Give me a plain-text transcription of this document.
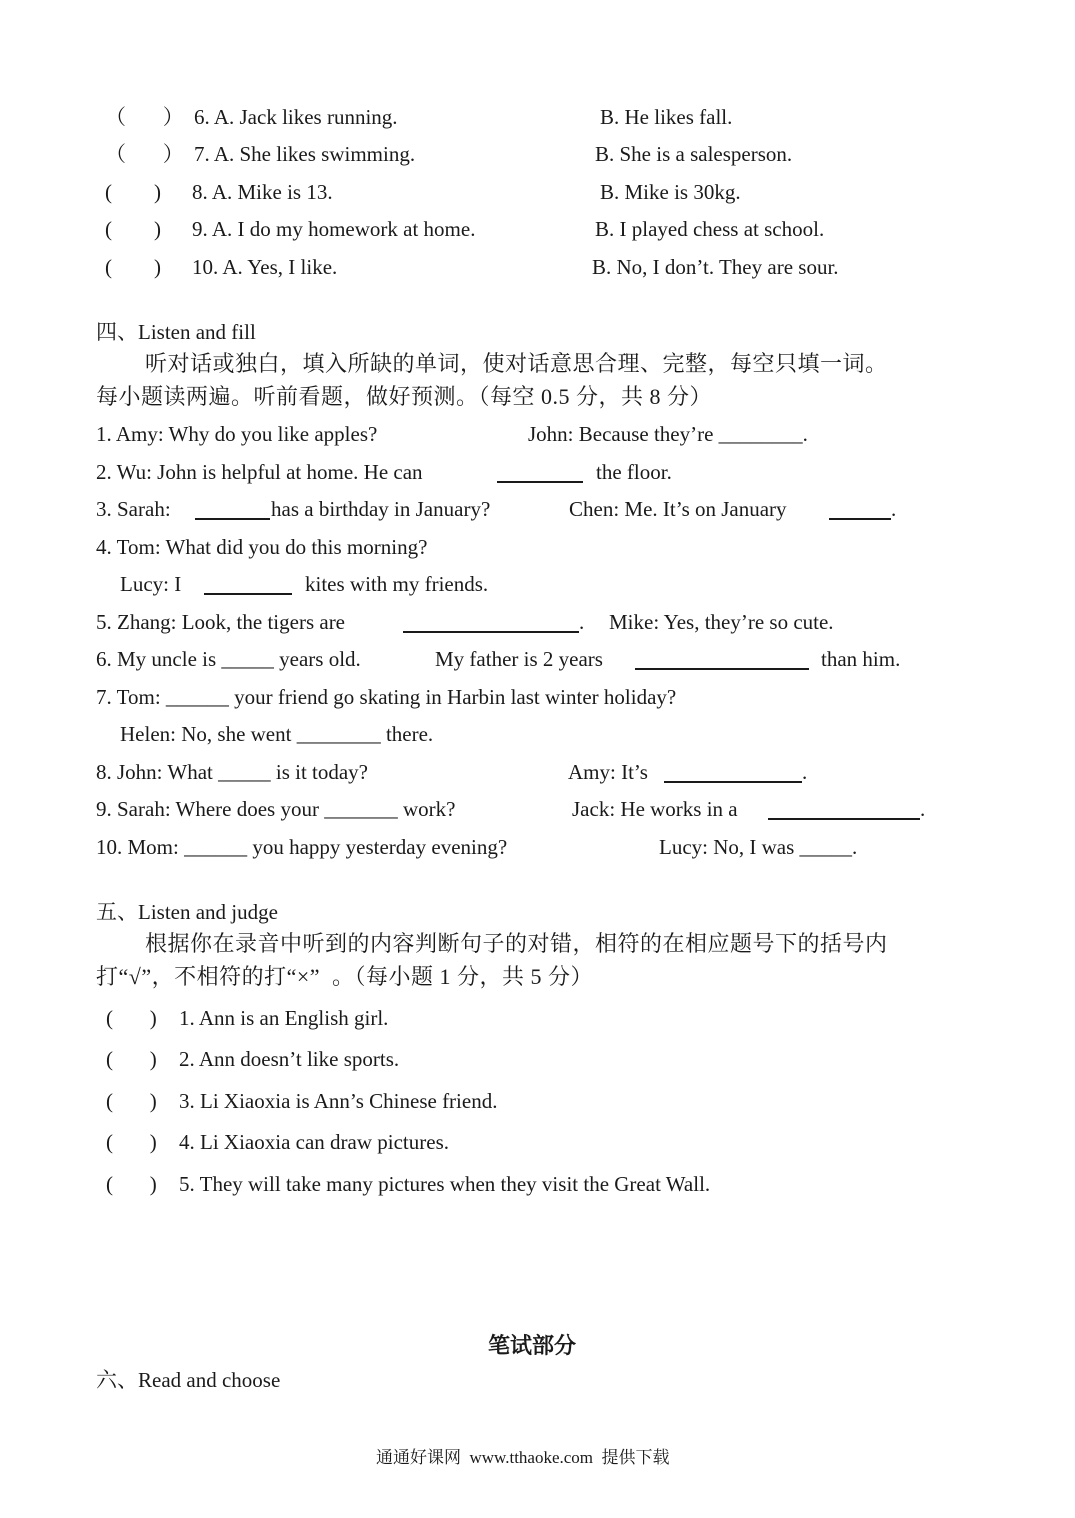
（       ） 6. A. Jack likes running.	B. He likes fall.
（       ） 7. A. She likes swimming.	B. She is a salesperson.
(        ) 8. A. Mike is 13.	B. Mike is 30kg.
(        ) 9. A. I do my homework at home.	B. I played chess at school.
(        ) 10. A. Yes, I like.	B. No, I don’t. They are sour.
四、Listen and fill
听对话或独白，填入所缺的单词，使对话意思合理、完整，每空只填一词。
每小题读两遍。听前看题，做好预测。（每空 0.5 分，共 8 分）
1. Amy: Why do you like apples?	John: Because they’re ________.
2. Wu: John is helpful at home. He can	the floor.
3. Sarah:	has a birthday in January?	Chen: Me. It’s on January	.
4. Tom: What did you do this morning?
Lucy: I	kites with my friends.
5. Zhang: Look, the tigers are	. Mike: Yes, they’re so cute.
6. My uncle is _____ years old.	My father is 2 years	than him.
7. Tom: ______ your friend go skating in Harbin last winter holiday?
Helen: No, she went ________ there.
8. John: What _____ is it today?	Amy: It’s	.
9. Sarah: Where does your _______ work?	Jack: He works in a	.
10. Mom: ______ you happy yesterday evening?	Lucy: No, I was _____.
五、Listen and judge
根据你在录音中听到的内容判断句子的对错，相符的在相应题号下的括号内
打“√”，不相符的打“×”  。（每小题 1 分，共 5 分）
(       ) 1. Ann is an English girl.
(       ) 2. Ann doesn’t like sports.
(       ) 3. Li Xiaoxia is Ann’s Chinese friend.
(       ) 4. Li Xiaoxia can draw pictures.
(       ) 5. They will take many pictures when they visit the Great Wall.
笔试部分
六、Read and choose
通通好课网  www.tthaoke.com  提供下载
